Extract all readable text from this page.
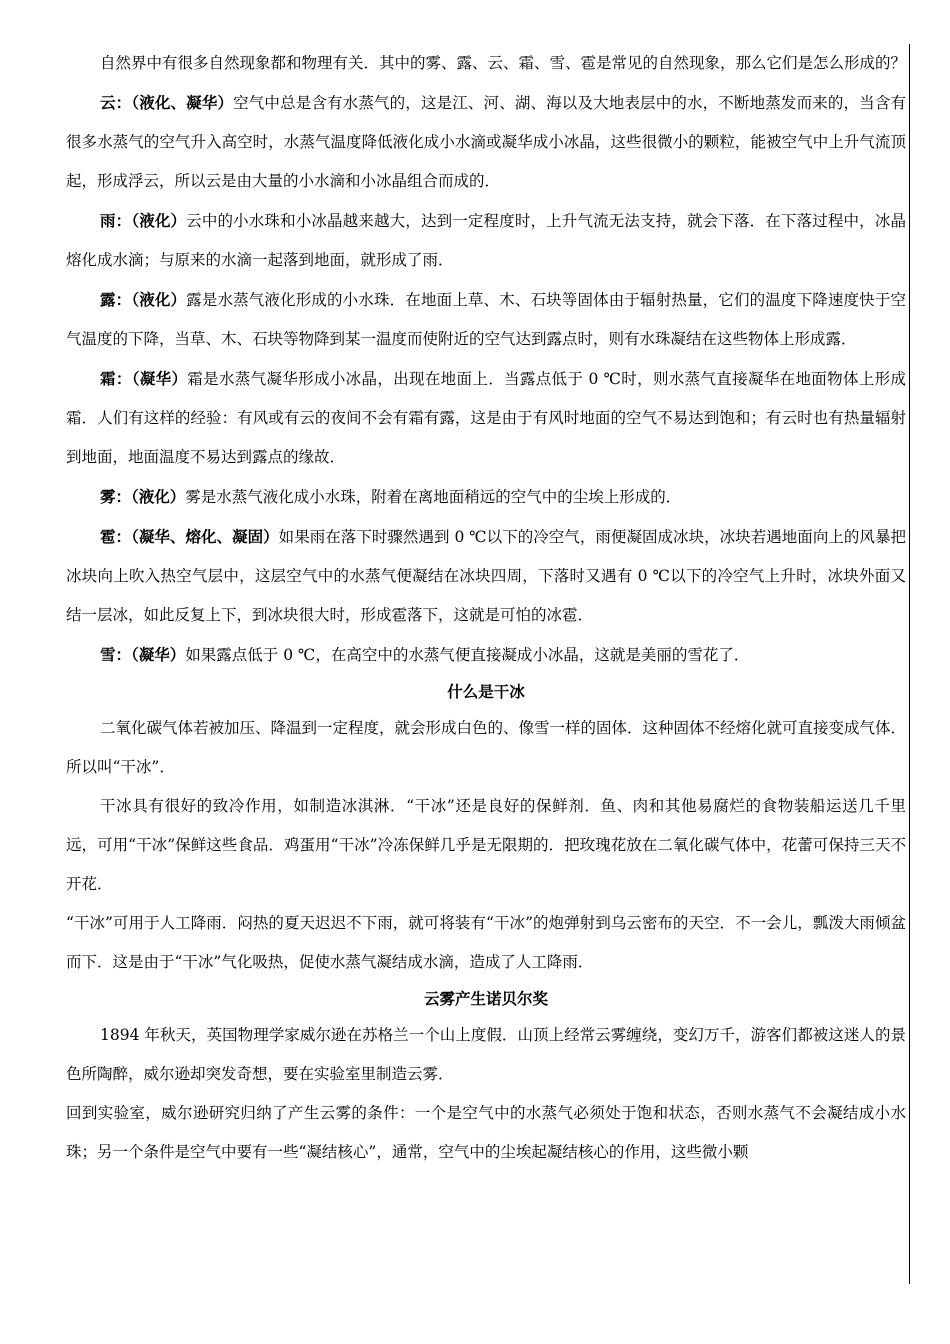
自然界中有很多自然现象都和物理有关．其中的雾、露、云、霜、雪、雹是常见的自然现象，那么它们是怎么形成的？

云：（液化、凝华）空气中总是含有水蒸气的，这是江、河、湖、海以及大地表层中的水，不断地蒸发而来的，当含有很多水蒸气的空气升入高空时，水蒸气温度降低液化成小水滴或凝华成小冰晶，这些很微小的颗粒，能被空气中上升气流顶起，形成浮云，所以云是由大量的小水滴和小冰晶组合而成的．

雨：（液化）云中的小水珠和小冰晶越来越大，达到一定程度时，上升气流无法支持，就会下落．在下落过程中，冰晶熔化成水滴；与原来的水滴一起落到地面，就形成了雨．

露：（液化）露是水蒸气液化形成的小水珠．在地面上草、木、石块等固体由于辐射热量，它们的温度下降速度快于空气温度的下降，当草、木、石块等物降到某一温度而使附近的空气达到露点时，则有水珠凝结在这些物体上形成露．

霜：（凝华）霜是水蒸气凝华形成小冰晶，出现在地面上．当露点低于 0 ℃时，则水蒸气直接凝华在地面物体上形成霜．人们有这样的经验：有风或有云的夜间不会有霜有露，这是由于有风时地面的空气不易达到饱和；有云时也有热量辐射到地面，地面温度不易达到露点的缘故．

雾：（液化）雾是水蒸气液化成小水珠，附着在离地面稍远的空气中的尘埃上形成的．

雹：（凝华、熔化、凝固）如果雨在落下时骤然遇到 0 ℃以下的冷空气，雨便凝固成冰块，冰块若遇地面向上的风暴把冰块向上吹入热空气层中，这层空气中的水蒸气便凝结在冰块四周，下落时又遇有 0 ℃以下的冷空气上升时，冰块外面又结一层冰，如此反复上下，到冰块很大时，形成雹落下，这就是可怕的冰雹．

雪：（凝华）如果露点低于 0 ℃，在高空中的水蒸气便直接凝成小冰晶，这就是美丽的雪花了．

什么是干冰

二氧化碳气体若被加压、降温到一定程度，就会形成白色的、像雪一样的固体．这种固体不经熔化就可直接变成气体．所以叫“干冰”．

干冰具有很好的致冷作用，如制造冰淇淋．“干冰”还是良好的保鲜剂．鱼、肉和其他易腐烂的食物装船运送几千里远，可用“干冰”保鲜这些食品．鸡蛋用“干冰”冷冻保鲜几乎是无限期的．把玫瑰花放在二氧化碳气体中，花蕾可保持三天不开花．

“干冰”可用于人工降雨．闷热的夏天迟迟不下雨，就可将装有“干冰”的炮弹射到乌云密布的天空．不一会儿，瓢泼大雨倾盆而下．这是由于“干冰”气化吸热，促使水蒸气凝结成水滴，造成了人工降雨．

云雾产生诺贝尔奖

1894 年秋天，英国物理学家威尔逊在苏格兰一个山上度假．山顶上经常云雾缠绕，变幻万千，游客们都被这迷人的景色所陶醉，威尔逊却突发奇想，要在实验室里制造云雾．

回到实验室，威尔逊研究归纳了产生云雾的条件：一个是空气中的水蒸气必须处于饱和状态，否则水蒸气不会凝结成小水珠；另一个条件是空气中要有一些“凝结核心”，通常，空气中的尘埃起凝结核心的作用，这些微小颗
